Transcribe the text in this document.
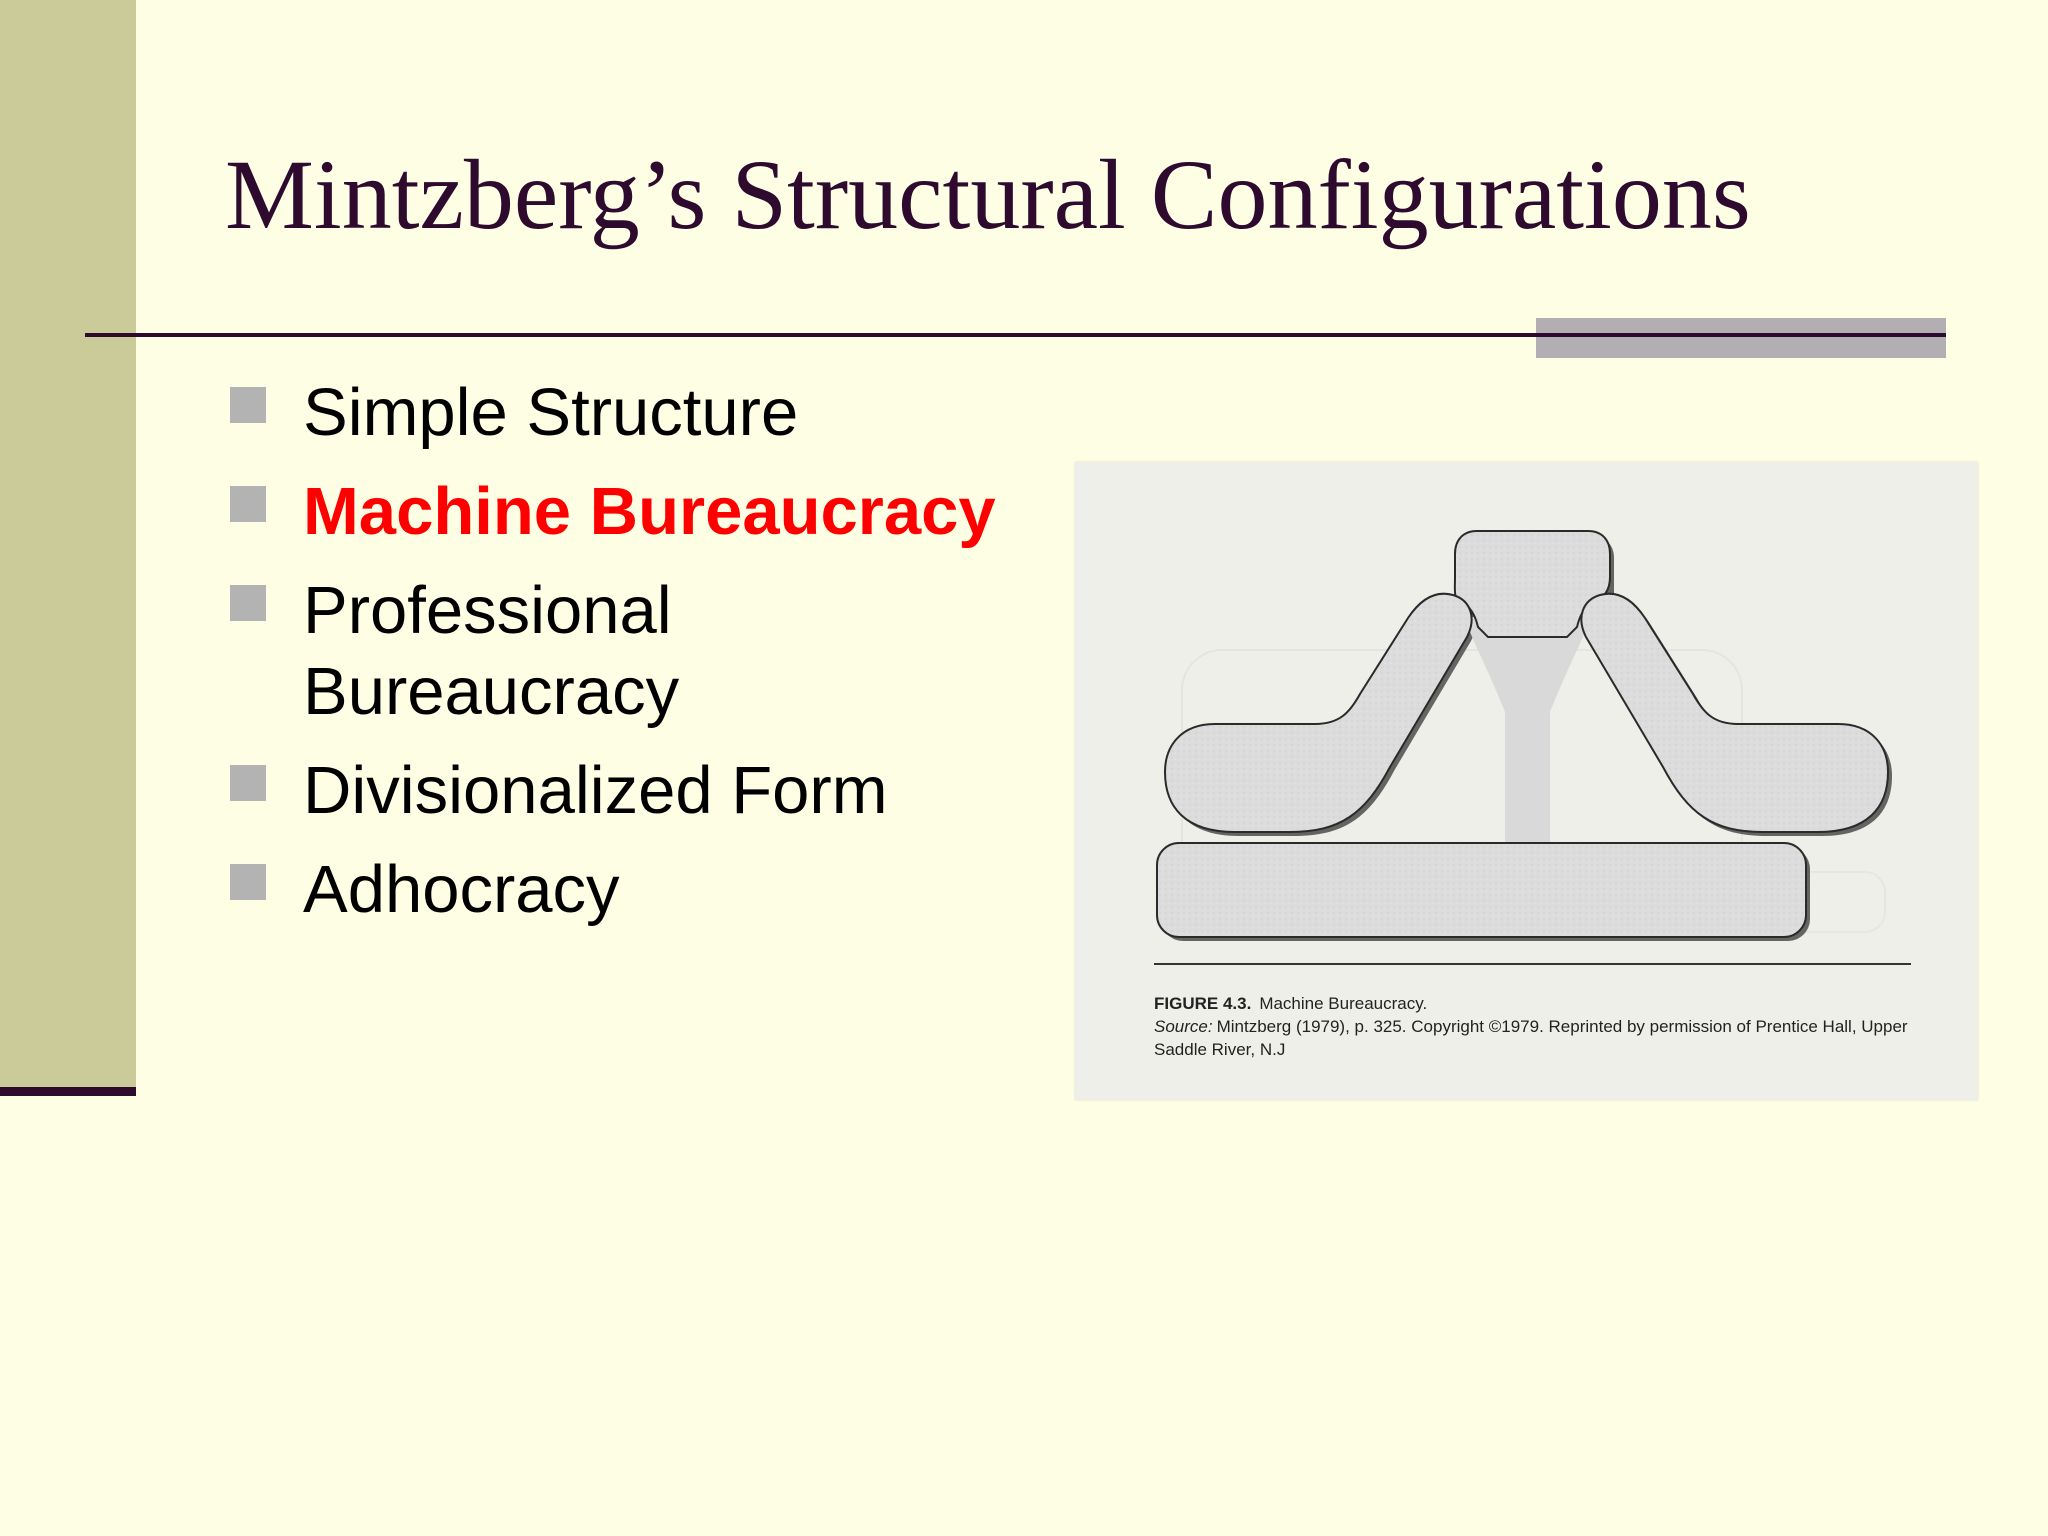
Mintzberg’s Structural Configurations
Simple Structure
Machine Bureaucracy
Professional Bureaucracy
Divisionalized Form
Adhocracy
FIGURE 4.3. Machine Bureaucracy.
Source: Mintzberg (1979), p. 325. Copyright ©1979. Reprinted by permission of Prentice Hall, Upper Saddle River, N.J
